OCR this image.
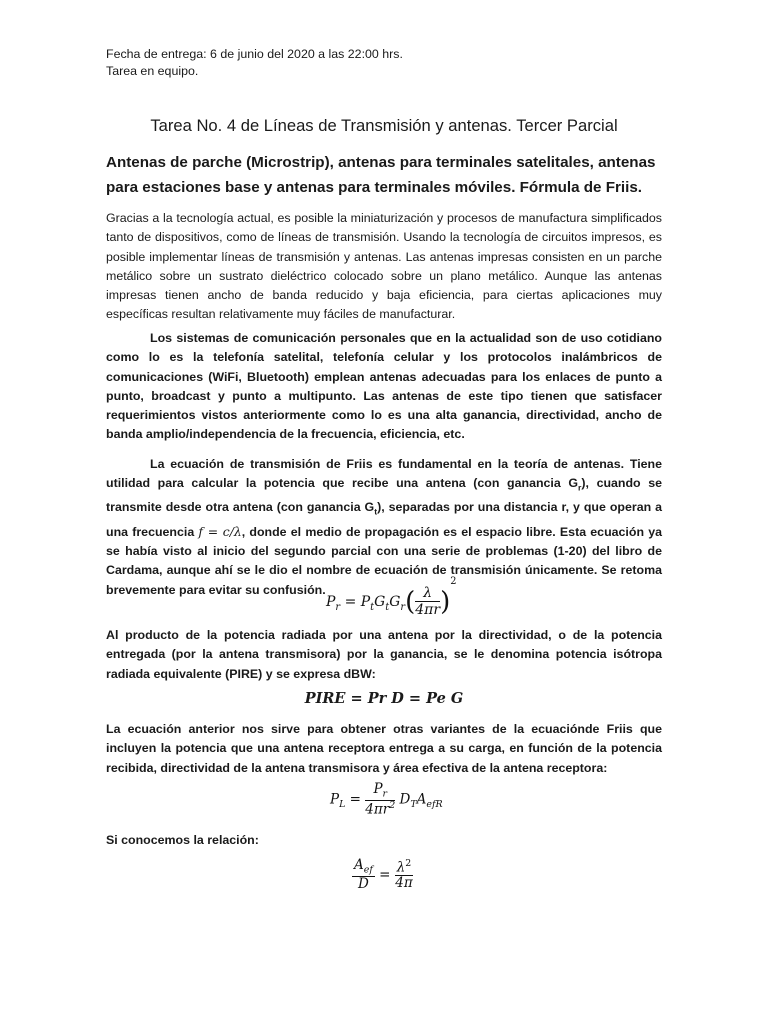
Fecha de entrega: 6 de junio del 2020 a las 22:00 hrs.
Tarea en equipo.
Tarea No. 4 de Líneas de Transmisión y antenas. Tercer Parcial
Antenas de parche (Microstrip), antenas para terminales satelitales, antenas para estaciones base y antenas para terminales móviles. Fórmula de Friis.
Gracias a la tecnología actual, es posible la miniaturización y procesos de manufactura simplificados tanto de dispositivos, como de líneas de transmisión. Usando la tecnología de circuitos impresos, es posible implementar líneas de transmisión y antenas. Las antenas impresas consisten en un parche metálico sobre un sustrato dieléctrico colocado sobre un plano metálico. Aunque las antenas impresas tienen ancho de banda reducido y baja eficiencia, para ciertas aplicaciones muy específicas resultan relativamente muy fáciles de manufacturar.
Los sistemas de comunicación personales que en la actualidad son de uso cotidiano como lo es la telefonía satelital, telefonía celular y los protocolos inalámbricos de comunicaciones (WiFi, Bluetooth) emplean antenas adecuadas para los enlaces de punto a punto, broadcast y punto a multipunto. Las antenas de este tipo tienen que satisfacer requerimientos vistos anteriormente como lo es una alta ganancia, directividad, ancho de banda amplio/independencia de la frecuencia, eficiencia, etc.
La ecuación de transmisión de Friis es fundamental en la teoría de antenas. Tiene utilidad para calcular la potencia que recibe una antena (con ganancia $G_r$), cuando se transmite desde otra antena (con ganancia $G_t$), separadas por una distancia r, y que operan a una frecuencia f = c/λ, donde el medio de propagación es el espacio libre. Esta ecuación ya se había visto al inicio del segundo parcial con una serie de problemas (1-20) del libro de Cardama, aunque ahí se le dio el nombre de ecuación de transmisión únicamente. Se retoma brevemente para evitar su confusión.
$P_r = P_tG_tG_r( \frac{\lambda}{4\pi r} )^2$
Al producto de la potencia radiada por una antena por la directividad, o de la potencia entregada (por la antena transmisora) por la ganancia, se le denomina potencia isótropa radiada equivalente (PIRE) y se expresa dBW:
PIRE = Pr D = Pe G
La ecuación anterior nos sirve para obtener otras variantes de la ecuaciónde Friis que incluyen la potencia que una antena receptora entrega a su carga, en función de la potencia recibida, directividad de la antena transmisora y área efectiva de la antena receptora:
$P_L = \frac{P_r}{4\pi r^2} D_TA_{efR}$
Si conocemos la relación:
$\frac{A_{ef}}{D} = \frac{\lambda^2}{4\pi}$
